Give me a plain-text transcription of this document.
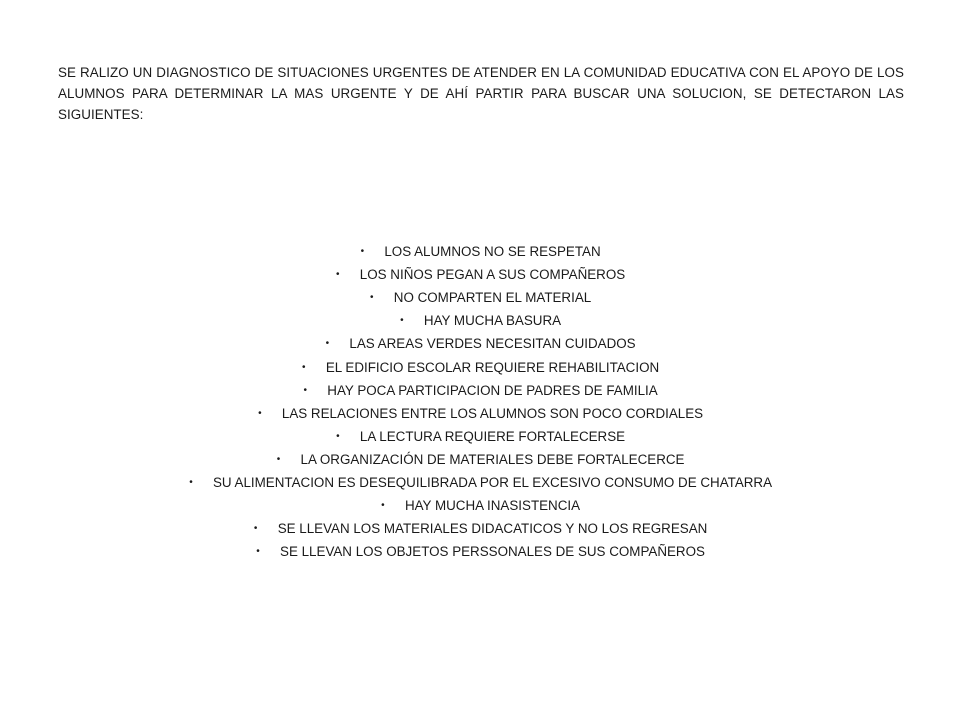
SE RALIZO UN DIAGNOSTICO DE SITUACIONES URGENTES DE ATENDER EN LA COMUNIDAD EDUCATIVA CON EL APOYO DE LOS ALUMNOS PARA DETERMINAR LA MAS URGENTE Y DE AHÍ PARTIR PARA BUSCAR UNA SOLUCION, SE DETECTARON LAS SIGUIENTES:

• LOS ALUMNOS NO SE RESPETAN
• LOS NIÑOS PEGAN A SUS COMPAÑEROS
• NO COMPARTEN EL MATERIAL
• HAY MUCHA BASURA
• LAS AREAS VERDES NECESITAN CUIDADOS
• EL EDIFICIO ESCOLAR REQUIERE REHABILITACION
• HAY POCA PARTICIPACION DE PADRES DE FAMILIA
• LAS RELACIONES ENTRE LOS ALUMNOS SON POCO CORDIALES
• LA LECTURA REQUIERE FORTALECERSE
• LA ORGANIZACIÓN DE MATERIALES DEBE FORTALECERCE
• SU ALIMENTACION ES DESEQUILIBRADA POR EL EXCESIVO CONSUMO DE CHATARRA
• HAY MUCHA INASISTENCIA
• SE LLEVAN LOS MATERIALES DIDACATICOS Y NO LOS REGRESAN
• SE LLEVAN LOS OBJETOS PERSSONALES DE SUS COMPAÑEROS
